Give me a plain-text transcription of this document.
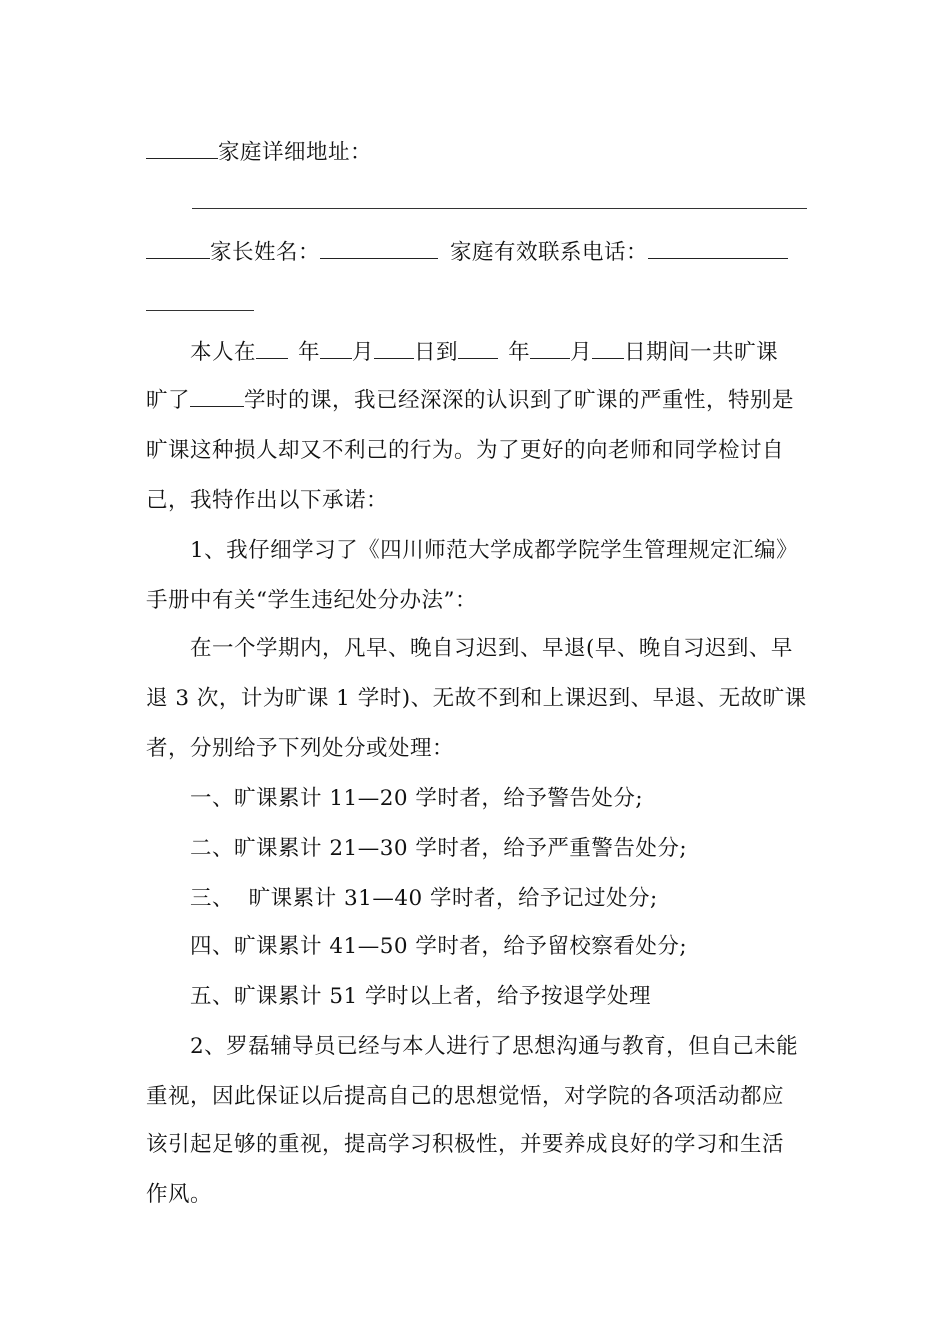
家庭详细地址：
家长姓名：	家庭有效联系电话：
本人在 年 月 日到 年 月 日期间一共旷课
旷了	学时的课，我已经深深的认识到了旷课的严重性，特别是
旷课这种损人却又不利己的行为。为了更好的向老师和同学检讨自
己，我特作出以下承诺：
1、我仔细学习了《四川师范大学成都学院学生管理规定汇编》
手册中有关“学生违纪处分办法”：
在一个学期内，凡早、晚自习迟到、早退(早、晚自习迟到、早
退 3 次，计为旷课 1 学时)、无故不到和上课迟到、早退、无故旷课
者，分别给予下列处分或处理：
一、旷课累计 11—20 学时者，给予警告处分;
二、旷课累计 21—30 学时者，给予严重警告处分;
三、  旷课累计 31—40 学时者，给予记过处分;
四、旷课累计 41—50 学时者，给予留校察看处分;
五、旷课累计 51 学时以上者，给予按退学处理
2、罗磊辅导员已经与本人进行了思想沟通与教育，但自己未能
重视，因此保证以后提高自己的思想觉悟，对学院的各项活动都应
该引起足够的重视，提高学习积极性，并要养成良好的学习和生活
作风。
